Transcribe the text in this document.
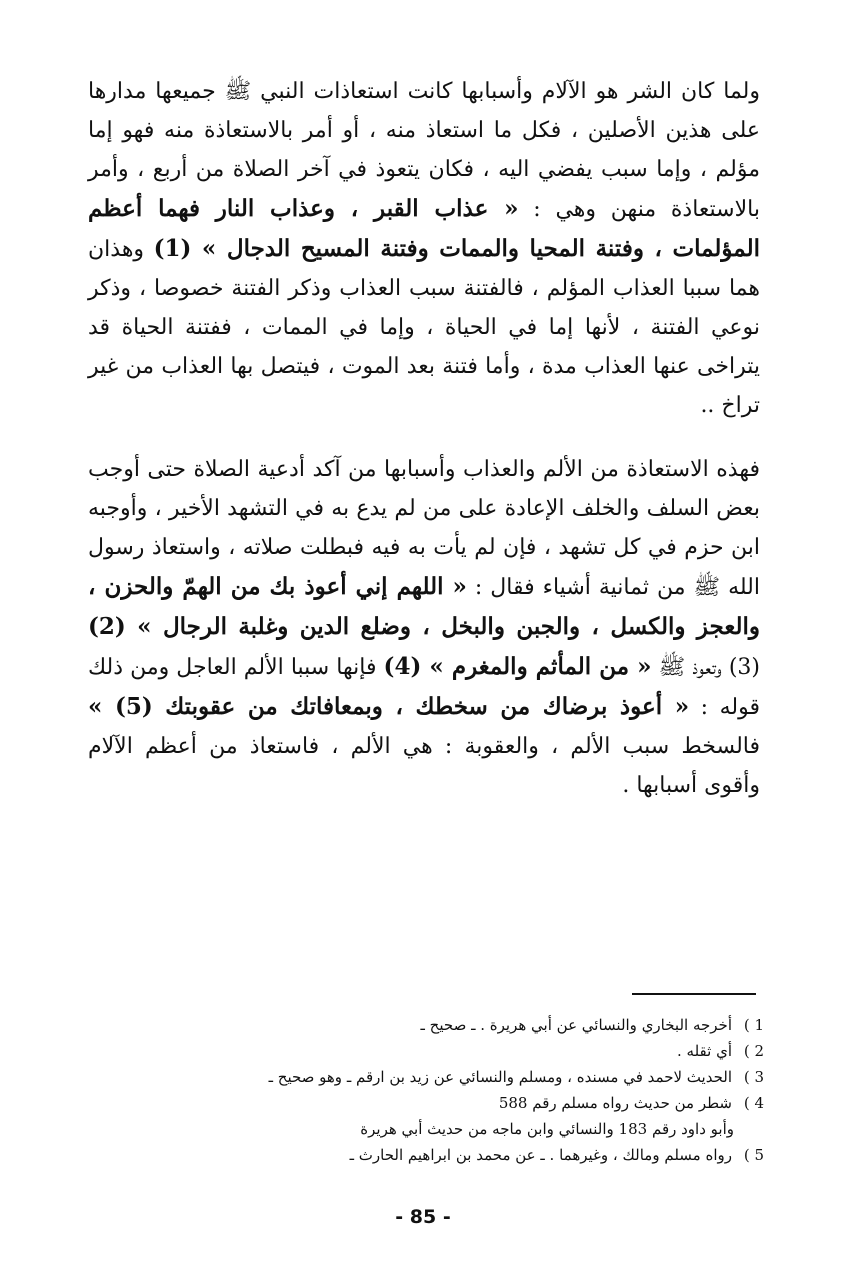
ولما كان الشر هو الآلام وأسبابها كانت استعاذات النبي ﷺ جميعها مدارها على هذين الأصلين ، فكل ما استعاذ منه ، أو أمر بالاستعاذة منه فهو إما مؤلم ، وإما سبب يفضي اليه ، فكان يتعوذ في آخر الصلاة من أربع ، وأمر بالاستعاذة منهن وهي : « عذاب القبر ، وعذاب النار فهما أعظم المؤلمات ، وفتنة المحيا والممات وفتنة المسيح الدجال » (1) وهذان هما سببا العذاب المؤلم ، فالفتنة سبب العذاب وذكر الفتنة خصوصا ، وذكر نوعي الفتنة ، لأنها إما في الحياة ، وإما في الممات ، ففتنة الحياة قد يتراخى عنها العذاب مدة ، وأما فتنة بعد الموت ، فيتصل بها العذاب من غير تراخ ..

فهذه الاستعاذة من الألم والعذاب وأسبابها من آكد أدعية الصلاة حتى أوجب بعض السلف والخلف الإعادة على من لم يدع به في التشهد الأخير ، وأوجبه ابن حزم في كل تشهد ، فإن لم يأت به فيه فبطلت صلاته ، واستعاذ رسول الله ﷺ من ثمانية أشياء فقال : « اللهم إني أعوذ بك من الهمّ والحزن ، والعجز والكسل ، والجبن والبخل ، وضلع الدين وغلبة الرجال » (2) (3) وتعوذ ﷺ « من المأثم والمغرم » (4) فإنها سببا الألم العاجل ومن ذلك قوله : « أعوذ برضاك من سخطك ، وبمعافاتك من عقوبتك (5) » فالسخط سبب الألم ، والعقوبة : هي الألم ، فاستعاذ من أعظم الآلام وأقوى أسبابها .

1 )أخرجه البخاري والنسائي عن أبي هريرة . ـ صحيح ـ
2 )أي ثقله .
3 )الحديث لاحمد في مسنده ، ومسلم والنسائي عن زيد بن ارقم ـ وهو صحيح ـ
4 )شطر من حديث رواه مسلم رقم 588
وأبو داود رقم 183 والنسائي وابن ماجه من حديث أبي هريرة
5 )رواه مسلم ومالك ، وغيرهما . ـ عن محمد بن ابراهيم الحارث ـ
- 85 -
